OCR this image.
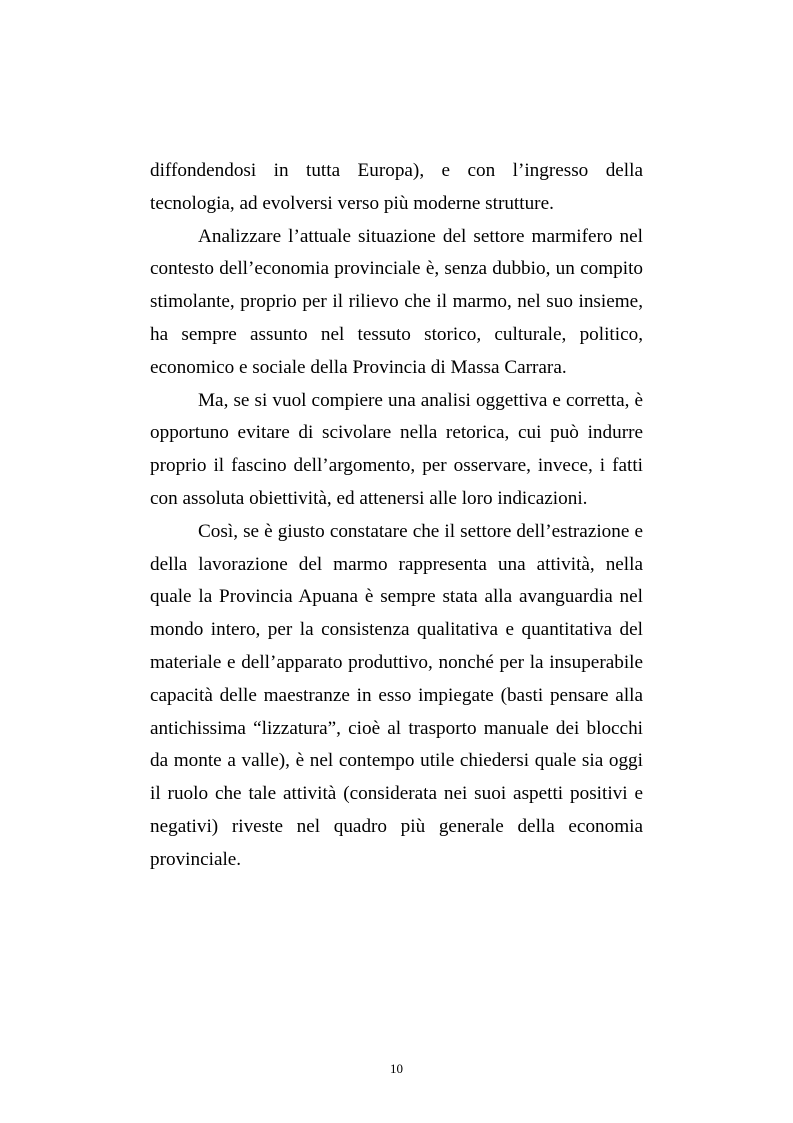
diffondendosi in tutta Europa), e con l’ingresso della tecnologia, ad evolversi verso più moderne strutture.

Analizzare l’attuale situazione del settore marmifero nel contesto dell’economia provinciale è, senza dubbio, un compito stimolante, proprio per il rilievo che il marmo, nel suo insieme, ha sempre assunto nel tessuto storico, culturale, politico, economico e sociale della Provincia di Massa Carrara.

Ma, se si vuol compiere una analisi oggettiva e corretta, è opportuno evitare di scivolare nella retorica, cui può indurre proprio il fascino dell’argomento, per osservare, invece, i fatti con assoluta obiettività, ed attenersi alle loro indicazioni.

Così, se è giusto constatare che il settore dell’estrazione e della lavorazione del marmo rappresenta una attività, nella quale la Provincia Apuana è sempre stata alla avanguardia nel mondo intero, per la consistenza qualitativa e quantitativa del materiale e dell’apparato produttivo, nonché per la insuperabile capacità delle maestranze in esso impiegate (basti pensare alla antichissima “lizzatura”, cioè al trasporto manuale dei blocchi da monte a valle), è nel contempo utile chiedersi quale sia oggi il ruolo che tale attività (considerata nei suoi aspetti positivi e negativi) riveste nel quadro più generale della economia provinciale.

10
